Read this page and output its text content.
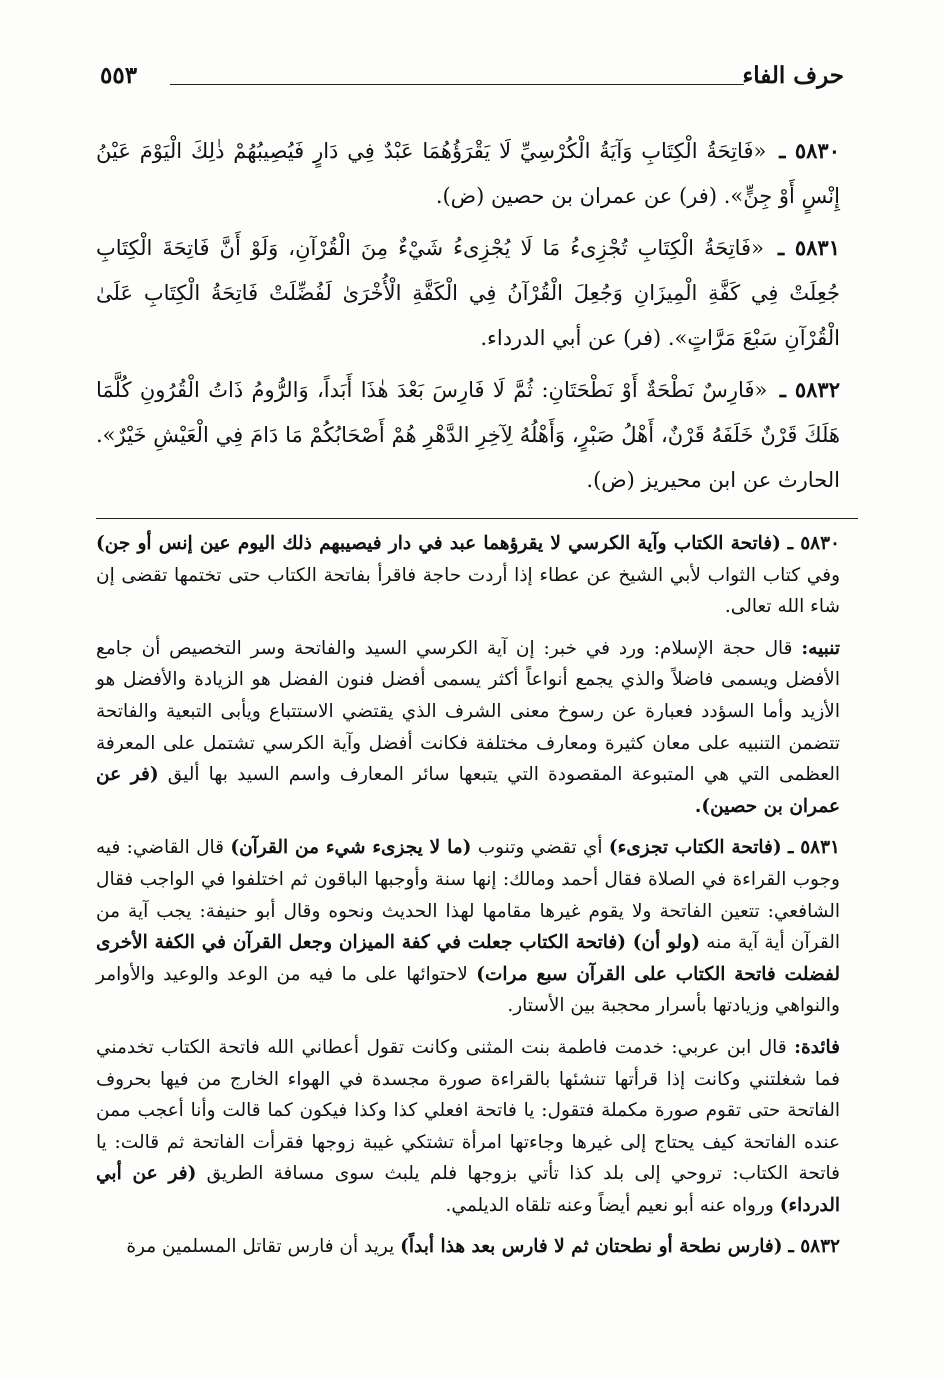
حرف الفاء
٥٥٣

٥٨٣٠ ـ «فَاتِحَةُ الْكِتَابِ وَآيَةُ الْكُرْسِيِّ لَا يَقْرَؤُهُمَا عَبْدٌ فِي دَارٍ فَيُصِيبُهُمْ ذٰلِكَ الْيَوْمَ عَيْنُ إِنْسٍ أَوْ جِنٍّ». (فر) عن عمران بن حصين (ض).

٥٨٣١ ـ «فَاتِحَةُ الْكِتَابِ تُجْزِىءُ مَا لَا يُجْزِىءُ شَيْءٌ مِنَ الْقُرْآنِ، وَلَوْ أَنَّ فَاتِحَةَ الْكِتَابِ جُعِلَتْ فِي كَفَّةِ الْمِيزَانِ وَجُعِلَ الْقُرْآنُ فِي الْكَفَّةِ الْأُخْرَىٰ لَفُضِّلَتْ فَاتِحَةُ الْكِتَابِ عَلَىٰ الْقُرْآنِ سَبْعَ مَرَّاتٍ». (فر) عن أبي الدرداء.

٥٨٣٢ ـ «فَارِسٌ نَطْحَةٌ أَوْ نَطْحَتَانِ: ثُمَّ لَا فَارِسَ بَعْدَ هٰذَا أَبَداً، وَالرُّومُ ذَاتُ الْقُرُونِ كُلَّمَا هَلَكَ قَرْنٌ خَلَفَهُ قَرْنٌ، أَهْلُ صَبْرٍ، وَأَهْلُهُ لِآخِرِ الدَّهْرِ هُمْ أَصْحَابُكُمْ مَا دَامَ فِي الْعَيْشِ خَيْرٌ». الحارث عن ابن محيريز (ض).

٥٨٣٠ ـ (فاتحة الكتاب وآية الكرسي لا يقرؤهما عبد في دار فيصيبهم ذلك اليوم عين إنس أو جن) وفي كتاب الثواب لأبي الشيخ عن عطاء إذا أردت حاجة فاقرأ بفاتحة الكتاب حتى تختمها تقضى إن شاء الله تعالى.

تنبيه: قال حجة الإسلام: ورد في خبر: إن آية الكرسي السيد والفاتحة وسر التخصيص أن جامع الأفضل ويسمى فاضلاً والذي يجمع أنواعاً أكثر يسمى أفضل فنون الفضل هو الزيادة والأفضل هو الأزيد وأما السؤدد فعبارة عن رسوخ معنى الشرف الذي يقتضي الاستتباع ويأبى التبعية والفاتحة تتضمن التنبيه على معان كثيرة ومعارف مختلفة فكانت أفضل وآية الكرسي تشتمل على المعرفة العظمى التي هي المتبوعة المقصودة التي يتبعها سائر المعارف واسم السيد بها أليق (فر عن عمران بن حصين).

٥٨٣١ ـ (فاتحة الكتاب تجزىء) أي تقضي وتنوب (ما لا يجزىء شيء من القرآن) قال القاضي: فيه وجوب القراءة في الصلاة فقال أحمد ومالك: إنها سنة وأوجبها الباقون ثم اختلفوا في الواجب فقال الشافعي: تتعين الفاتحة ولا يقوم غيرها مقامها لهذا الحديث ونحوه وقال أبو حنيفة: يجب آية من القرآن أية آية منه (ولو أن) (فاتحة الكتاب جعلت في كفة الميزان وجعل القرآن في الكفة الأخرى لفضلت فاتحة الكتاب على القرآن سبع مرات) لاحتوائها على ما فيه من الوعد والوعيد والأوامر والنواهي وزيادتها بأسرار محجبة بين الأستار.

فائدة: قال ابن عربي: خدمت فاطمة بنت المثنى وكانت تقول أعطاني الله فاتحة الكتاب تخدمني فما شغلتني وكانت إذا قرأتها تنشئها بالقراءة صورة مجسدة في الهواء الخارج من فيها بحروف الفاتحة حتى تقوم صورة مكملة فتقول: يا فاتحة افعلي كذا وكذا فيكون كما قالت وأنا أعجب ممن عنده الفاتحة كيف يحتاج إلى غيرها وجاءتها امرأة تشتكي غيبة زوجها فقرأت الفاتحة ثم قالت: يا فاتحة الكتاب: تروحي إلى بلد كذا تأتي بزوجها فلم يلبث سوى مسافة الطريق (فر عن أبي الدرداء) ورواه عنه أبو نعيم أيضاً وعنه تلقاه الديلمي.

٥٨٣٢ ـ (فارس نطحة أو نطحتان ثم لا فارس بعد هذا أبداً) يريد أن فارس تقاتل المسلمين مرة
